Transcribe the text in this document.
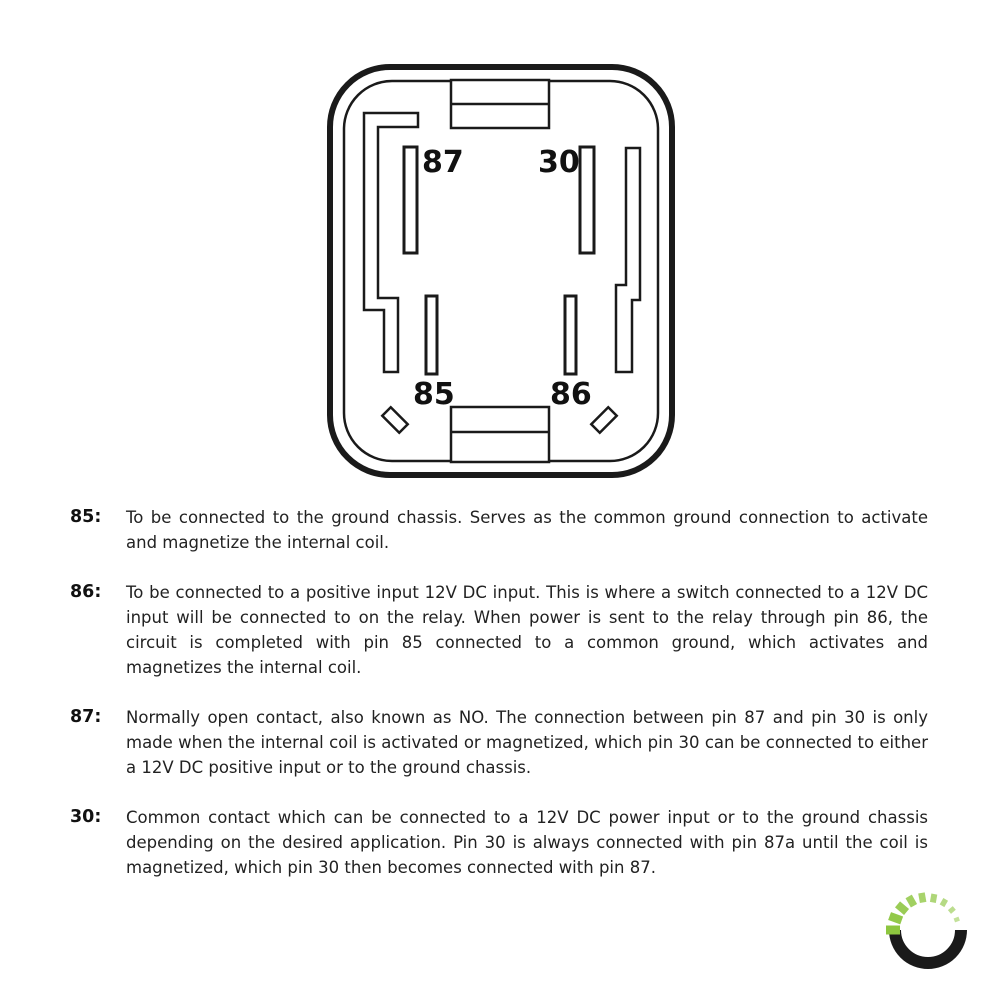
87 30
85	86
85:	To be connected to the ground chassis. Serves as the common ground connection to activate and magnetize the internal coil.
86:	To be connected to a positive input 12V DC input. This is where a switch connected to a 12V DC input will be connected to on the relay. When power is sent to the relay through pin 86, the circuit is completed with pin 85 connected to a common ground, which activates and magnetizes the internal coil.
87:	Normally open contact, also known as NO. The connection between pin 87 and pin 30 is only made when the internal coil is activated or magnetized, which pin 30 can be connected to either a 12V DC positive input or to the ground chassis.
30:	Common contact which can be connected to a 12V DC power input or to the ground chassis depending on the desired application. Pin 30 is always connected with pin 87a until the coil is magnetized, which pin 30 then becomes connected with pin 87.
